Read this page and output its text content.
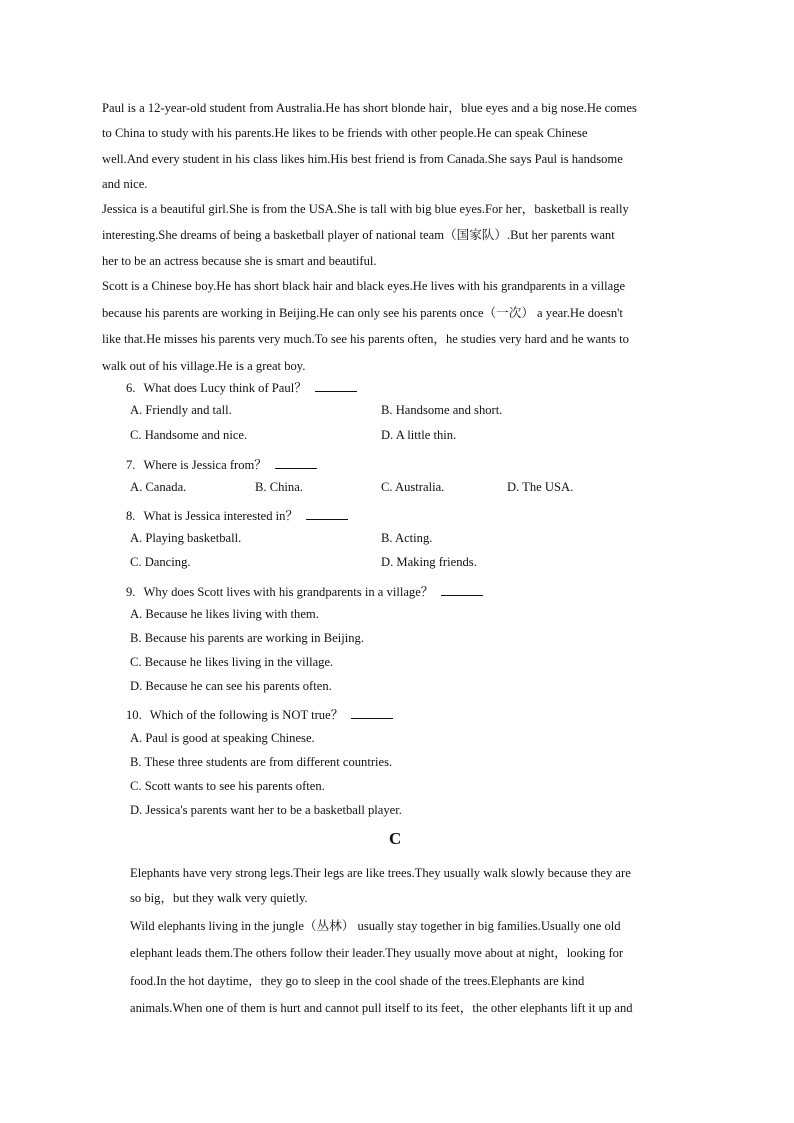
Paul is a 12-year-old student from Australia.He has short blonde hair，blue eyes and a big nose.He comes
to China to study with his parents.He likes to be friends with other people.He can speak Chinese
well.And every student in his class likes him.His best friend is from Canada.She says Paul is handsome
and nice.
Jessica is a beautiful girl.She is from the USA.She is tall with big blue eyes.For her，basketball is really
interesting.She dreams of being a basketball player of national team（国家队）.But her parents want
her to be an actress because she is smart and beautiful.
Scott is a Chinese boy.He has short black hair and black eyes.He lives with his grandparents in a village
because his parents are working in Beijing.He can only see his parents once（一次） a year.He doesn't
like that.He misses his parents very much.To see his parents often，he studies very hard and he wants to
walk out of his village.He is a great boy.
6. What does Lucy think of Paul？
A. Friendly and tall.	B. Handsome and short.
C. Handsome and nice.	D. A little thin.
7. Where is Jessica from？
A. Canada.	B. China.	C. Australia.	D. The USA.
8. What is Jessica interested in？
A. Playing basketball.	B. Acting.
C. Dancing.	D. Making friends.
9. Why does Scott lives with his grandparents in a village？
A. Because he likes living with them.
B. Because his parents are working in Beijing.
C. Because he likes living in the village.
D. Because he can see his parents often.
10. Which of the following is NOT true？
A. Paul is good at speaking Chinese.
B. These three students are from different countries.
C. Scott wants to see his parents often.
D. Jessica's parents want her to be a basketball player.
C
Elephants have very strong legs.Their legs are like trees.They usually walk slowly because they are
so big，but they walk very quietly.
Wild elephants living in the jungle（丛林） usually stay together in big families.Usually one old
elephant leads them.The others follow their leader.They usually move about at night，looking for
food.In the hot daytime，they go to sleep in the cool shade of the trees.Elephants are kind
animals.When one of them is hurt and cannot pull itself to its feet，the other elephants lift it up and
